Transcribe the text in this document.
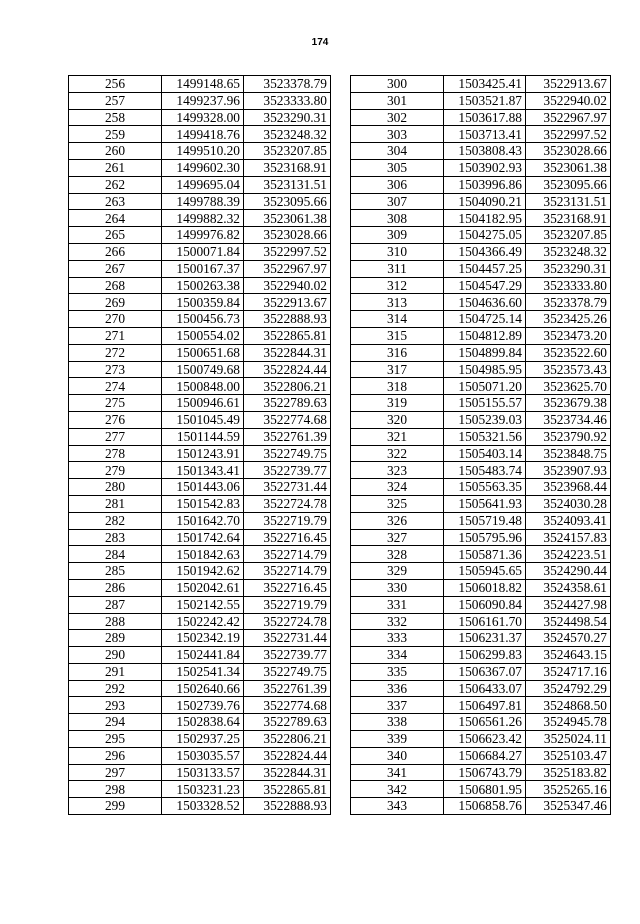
174
256	1499148.65	3523378.79
257	1499237.96	3523333.80
258	1499328.00	3523290.31
259	1499418.76	3523248.32
260	1499510.20	3523207.85
261	1499602.30	3523168.91
262	1499695.04	3523131.51
263	1499788.39	3523095.66
264	1499882.32	3523061.38
265	1499976.82	3523028.66
266	1500071.84	3522997.52
267	1500167.37	3522967.97
268	1500263.38	3522940.02
269	1500359.84	3522913.67
270	1500456.73	3522888.93
271	1500554.02	3522865.81
272	1500651.68	3522844.31
273	1500749.68	3522824.44
274	1500848.00	3522806.21
275	1500946.61	3522789.63
276	1501045.49	3522774.68
277	1501144.59	3522761.39
278	1501243.91	3522749.75
279	1501343.41	3522739.77
280	1501443.06	3522731.44
281	1501542.83	3522724.78
282	1501642.70	3522719.79
283	1501742.64	3522716.45
284	1501842.63	3522714.79
285	1501942.62	3522714.79
286	1502042.61	3522716.45
287	1502142.55	3522719.79
288	1502242.42	3522724.78
289	1502342.19	3522731.44
290	1502441.84	3522739.77
291	1502541.34	3522749.75
292	1502640.66	3522761.39
293	1502739.76	3522774.68
294	1502838.64	3522789.63
295	1502937.25	3522806.21
296	1503035.57	3522824.44
297	1503133.57	3522844.31
298	1503231.23	3522865.81
299	1503328.52	3522888.93
300	1503425.41	3522913.67
301	1503521.87	3522940.02
302	1503617.88	3522967.97
303	1503713.41	3522997.52
304	1503808.43	3523028.66
305	1503902.93	3523061.38
306	1503996.86	3523095.66
307	1504090.21	3523131.51
308	1504182.95	3523168.91
309	1504275.05	3523207.85
310	1504366.49	3523248.32
311	1504457.25	3523290.31
312	1504547.29	3523333.80
313	1504636.60	3523378.79
314	1504725.14	3523425.26
315	1504812.89	3523473.20
316	1504899.84	3523522.60
317	1504985.95	3523573.43
318	1505071.20	3523625.70
319	1505155.57	3523679.38
320	1505239.03	3523734.46
321	1505321.56	3523790.92
322	1505403.14	3523848.75
323	1505483.74	3523907.93
324	1505563.35	3523968.44
325	1505641.93	3524030.28
326	1505719.48	3524093.41
327	1505795.96	3524157.83
328	1505871.36	3524223.51
329	1505945.65	3524290.44
330	1506018.82	3524358.61
331	1506090.84	3524427.98
332	1506161.70	3524498.54
333	1506231.37	3524570.27
334	1506299.83	3524643.15
335	1506367.07	3524717.16
336	1506433.07	3524792.29
337	1506497.81	3524868.50
338	1506561.26	3524945.78
339	1506623.42	3525024.11
340	1506684.27	3525103.47
341	1506743.79	3525183.82
342	1506801.95	3525265.16
343	1506858.76	3525347.46
